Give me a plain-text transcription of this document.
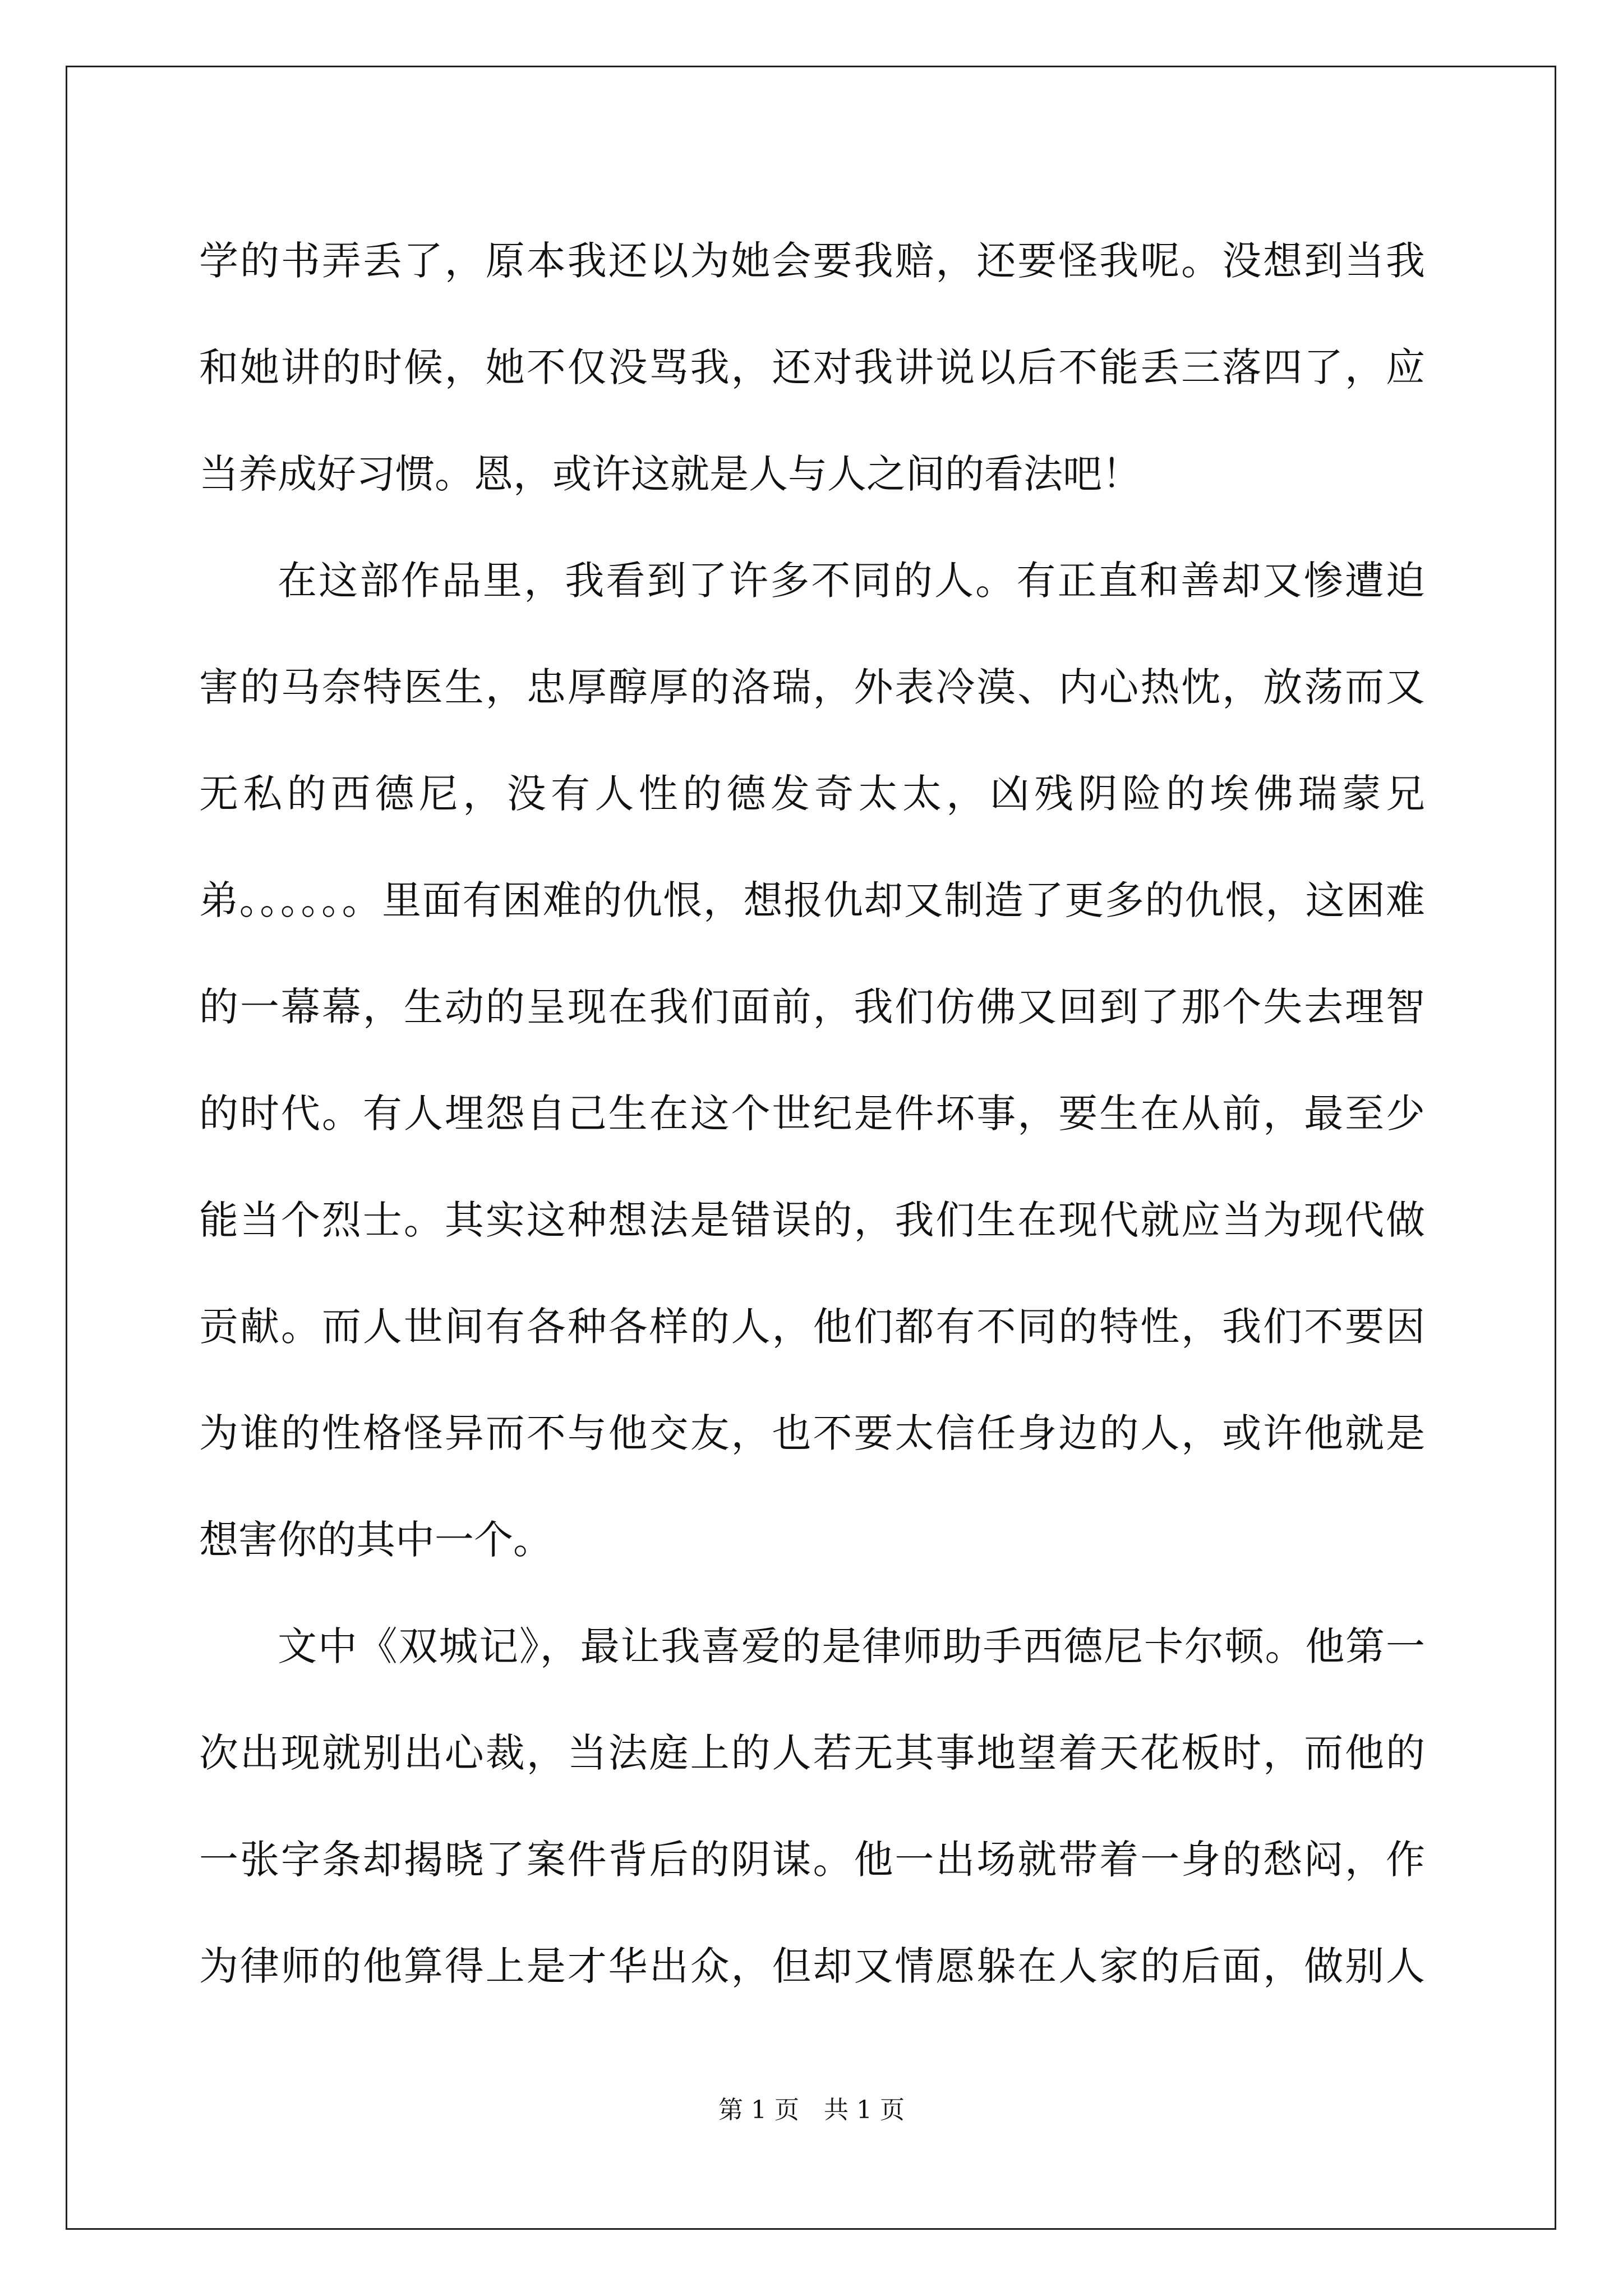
学的书弄丢了，原本我还以为她会要我赔，还要怪我呢。没想到当我
和她讲的时候，她不仅没骂我，还对我讲说以后不能丢三落四了，应
当养成好习惯。恩，或许这就是人与人之间的看法吧！
在这部作品里，我看到了许多不同的人。有正直和善却又惨遭迫
害的马奈特医生，忠厚醇厚的洛瑞，外表冷漠、内心热忱，放荡而又
无私的西德尼，没有人性的德发奇太太，凶残阴险的埃佛瑞蒙兄
弟。。。。。。里面有困难的仇恨，想报仇却又制造了更多的仇恨，这困难
的一幕幕，生动的呈现在我们面前，我们仿佛又回到了那个失去理智
的时代。有人埋怨自己生在这个世纪是件坏事，要生在从前，最至少
能当个烈士。其实这种想法是错误的，我们生在现代就应当为现代做
贡献。而人世间有各种各样的人，他们都有不同的特性，我们不要因
为谁的性格怪异而不与他交友，也不要太信任身边的人，或许他就是
想害你的其中一个。
文中《双城记》，最让我喜爱的是律师助手西德尼卡尔顿。他第一
次出现就别出心裁，当法庭上的人若无其事地望着天花板时，而他的
一张字条却揭晓了案件背后的阴谋。他一出场就带着一身的愁闷，作
为律师的他算得上是才华出众，但却又情愿躲在人家的后面，做别人
第 1 页　共 1 页
